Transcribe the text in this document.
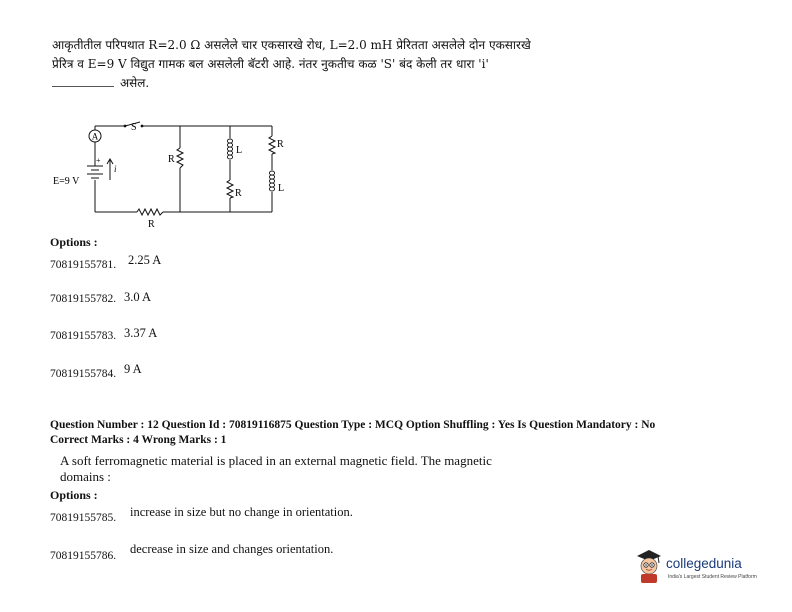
आकृतीतील परिपथात R=2.0 Ω असलेले चार एकसारखे रोध, L=2.0 mH प्रेरितता असलेले दोन एकसारखे
प्रेरित्र व E=9 V विद्युत गामक बल असलेली बॅटरी आहे. नंतर नुकतीच कळ 'S' बंद केली तर धारा 'i'
असेल.
A
S
+
E=9 V
i
R
R
L
R
R
L
Options :
70819155781. 2.25 A
70819155782. 3.0 A
70819155783. 3.37 A
70819155784. 9 A
Question Number : 12 Question Id : 70819116875 Question Type : MCQ Option Shuffling : Yes Is Question Mandatory : No
Correct Marks : 4 Wrong Marks : 1
A soft ferromagnetic material is placed in an external magnetic field. The magnetic
domains :
Options :
70819155785. increase in size but no change in orientation.
70819155786. decrease in size and changes orientation.
collegedunia
India's Largest Student Review Platform
